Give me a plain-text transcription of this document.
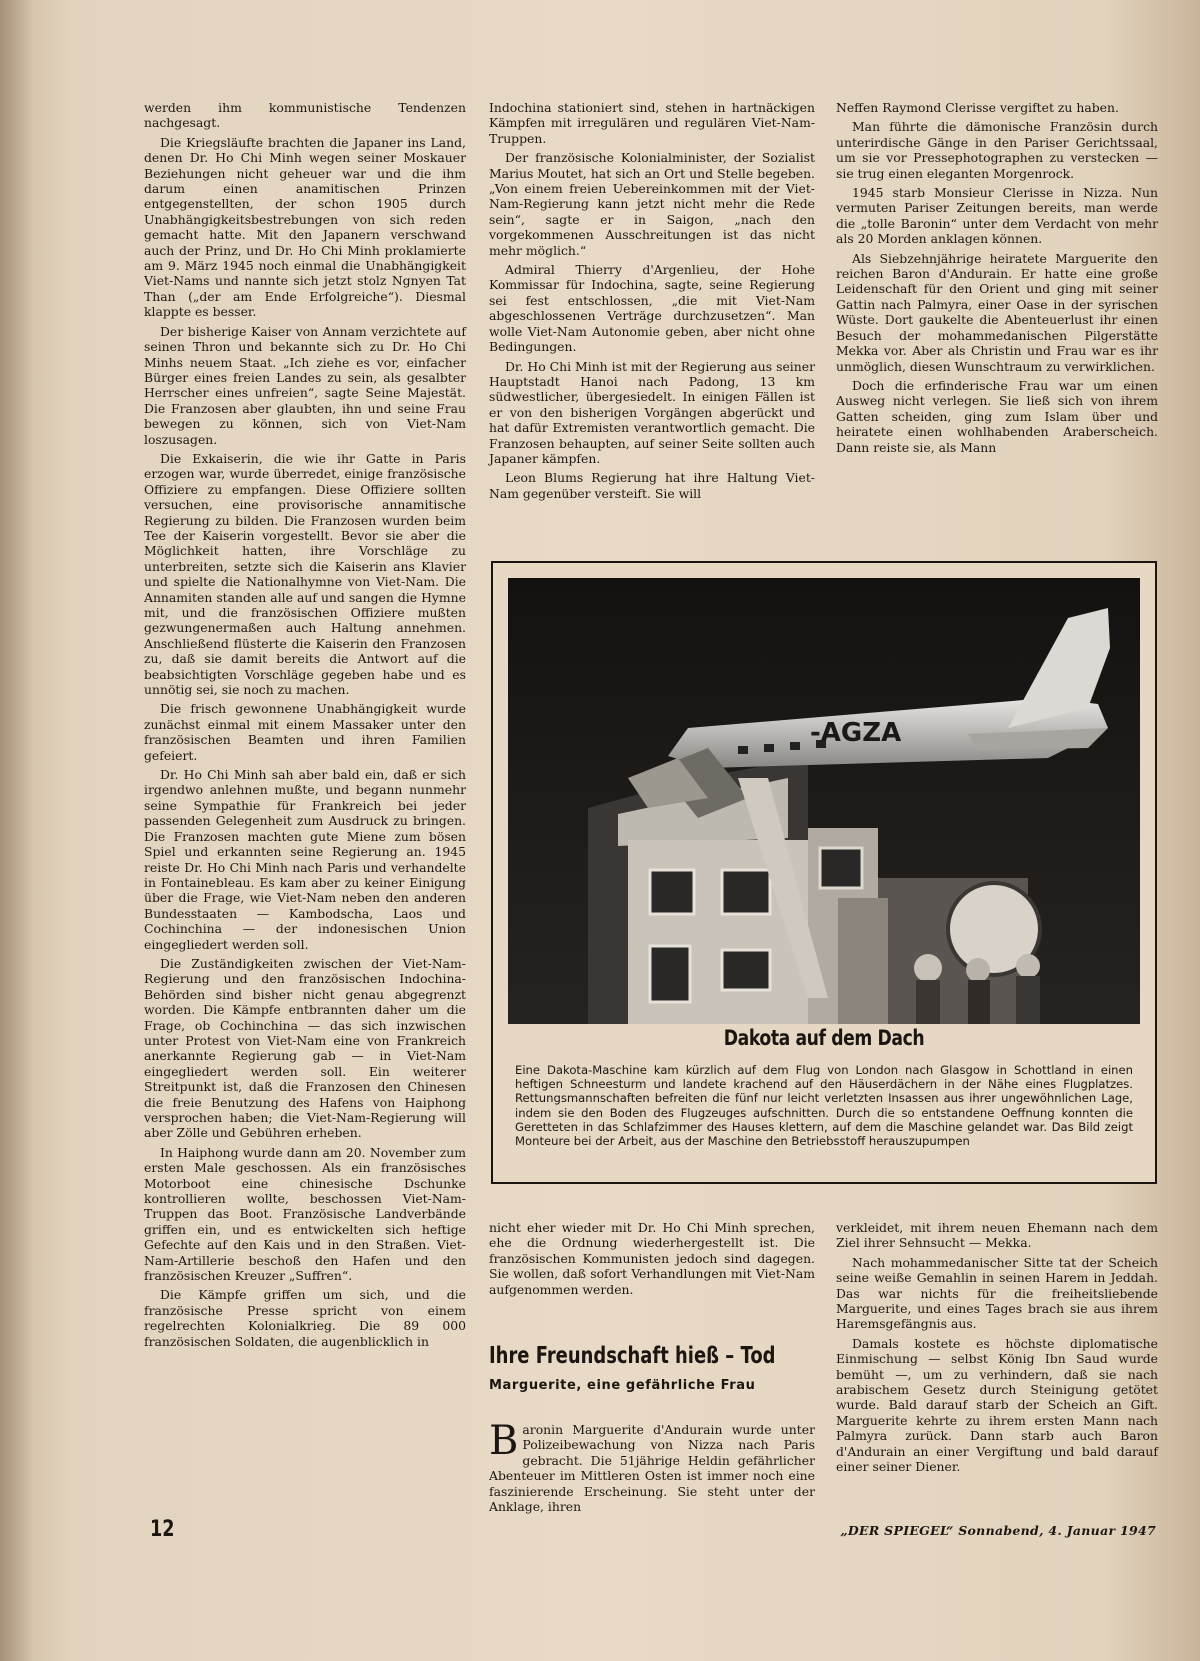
werden ihm kommunistische Tendenzen nachgesagt.

Die Kriegsläufte brachten die Japaner ins Land, denen Dr. Ho Chi Minh wegen seiner Moskauer Beziehungen nicht geheuer war und die ihm darum einen anamitischen Prinzen entgegenstellten, der schon 1905 durch Unabhängigkeitsbestrebungen von sich reden gemacht hatte. Mit den Japanern verschwand auch der Prinz, und Dr. Ho Chi Minh proklamierte am 9. März 1945 noch einmal die Unabhängigkeit Viet-Nams und nannte sich jetzt stolz Ngnyen Tat Than („der am Ende Erfolgreiche“). Diesmal klappte es besser.

Der bisherige Kaiser von Annam verzichtete auf seinen Thron und bekannte sich zu Dr. Ho Chi Minhs neuem Staat. „Ich ziehe es vor, einfacher Bürger eines freien Landes zu sein, als gesalbter Herrscher eines unfreien“, sagte Seine Majestät. Die Franzosen aber glaubten, ihn und seine Frau bewegen zu können, sich von Viet-Nam loszusagen.

Die Exkaiserin, die wie ihr Gatte in Paris erzogen war, wurde überredet, einige französische Offiziere zu empfangen. Diese Offiziere sollten versuchen, eine provisorische annamitische Regierung zu bilden. Die Franzosen wurden beim Tee der Kaiserin vorgestellt. Bevor sie aber die Möglichkeit hatten, ihre Vorschläge zu unterbreiten, setzte sich die Kaiserin ans Klavier und spielte die Nationalhymne von Viet-Nam. Die Annamiten standen alle auf und sangen die Hymne mit, und die französischen Offiziere mußten gezwungenermaßen auch Haltung annehmen. Anschließend flüsterte die Kaiserin den Franzosen zu, daß sie damit bereits die Antwort auf die beabsichtigten Vorschläge gegeben habe und es unnötig sei, sie noch zu machen.

Die frisch gewonnene Unabhängigkeit wurde zunächst einmal mit einem Massaker unter den französischen Beamten und ihren Familien gefeiert.

Dr. Ho Chi Minh sah aber bald ein, daß er sich irgendwo anlehnen mußte, und begann nunmehr seine Sympathie für Frankreich bei jeder passenden Gelegenheit zum Ausdruck zu bringen. Die Franzosen machten gute Miene zum bösen Spiel und erkannten seine Regierung an. 1945 reiste Dr. Ho Chi Minh nach Paris und verhandelte in Fontainebleau. Es kam aber zu keiner Einigung über die Frage, wie Viet-Nam neben den anderen Bundesstaaten — Kambodscha, Laos und Cochinchina — der indonesischen Union eingegliedert werden soll.

Die Zuständigkeiten zwischen der Viet-Nam-Regierung und den französischen Indochina-Behörden sind bisher nicht genau abgegrenzt worden. Die Kämpfe entbrannten daher um die Frage, ob Cochinchina — das sich inzwischen unter Protest von Viet-Nam eine von Frankreich anerkannte Regierung gab — in Viet-Nam eingegliedert werden soll. Ein weiterer Streitpunkt ist, daß die Franzosen den Chinesen die freie Benutzung des Hafens von Haiphong versprochen haben; die Viet-Nam-Regierung will aber Zölle und Gebühren erheben.

In Haiphong wurde dann am 20. November zum ersten Male geschossen. Als ein französisches Motorboot eine chinesische Dschunke kontrollieren wollte, beschossen Viet-Nam-Truppen das Boot. Französische Landverbände griffen ein, und es entwickelten sich heftige Gefechte auf den Kais und in den Straßen. Viet-Nam-Artillerie beschoß den Hafen und den französischen Kreuzer „Suffren“.

Die Kämpfe griffen um sich, und die französische Presse spricht von einem regelrechten Kolonialkrieg. Die 89 000 französischen Soldaten, die augenblicklich in

Indochina stationiert sind, stehen in hartnäckigen Kämpfen mit irregulären und regulären Viet-Nam-Truppen.

Der französische Kolonialminister, der Sozialist Marius Moutet, hat sich an Ort und Stelle begeben. „Von einem freien Uebereinkommen mit der Viet-Nam-Regierung kann jetzt nicht mehr die Rede sein“, sagte er in Saigon, „nach den vorgekommenen Ausschreitungen ist das nicht mehr möglich.“

Admiral Thierry d'Argenlieu, der Hohe Kommissar für Indochina, sagte, seine Regierung sei fest entschlossen, „die mit Viet-Nam abgeschlossenen Verträge durchzusetzen“. Man wolle Viet-Nam Autonomie geben, aber nicht ohne Bedingungen.

Dr. Ho Chi Minh ist mit der Regierung aus seiner Hauptstadt Hanoi nach Padong, 13 km südwestlicher, übergesiedelt. In einigen Fällen ist er von den bisherigen Vorgängen abgerückt und hat dafür Extremisten verantwortlich gemacht. Die Franzosen behaupten, auf seiner Seite sollten auch Japaner kämpfen.

Leon Blums Regierung hat ihre Haltung Viet-Nam gegenüber versteift. Sie will

Neffen Raymond Clerisse vergiftet zu haben.

Man führte die dämonische Französin durch unterirdische Gänge in den Pariser Gerichtssaal, um sie vor Pressephotographen zu verstecken — sie trug einen eleganten Morgenrock.

1945 starb Monsieur Clerisse in Nizza. Nun vermuten Pariser Zeitungen bereits, man werde die „tolle Baronin“ unter dem Verdacht von mehr als 20 Morden anklagen können.

Als Siebzehnjährige heiratete Marguerite den reichen Baron d'Andurain. Er hatte eine große Leidenschaft für den Orient und ging mit seiner Gattin nach Palmyra, einer Oase in der syrischen Wüste. Dort gaukelte die Abenteuerlust ihr einen Besuch der mohammedanischen Pilgerstätte Mekka vor. Aber als Christin und Frau war es ihr unmöglich, diesen Wunschtraum zu verwirklichen.

Doch die erfinderische Frau war um einen Ausweg nicht verlegen. Sie ließ sich von ihrem Gatten scheiden, ging zum Islam über und heiratete einen wohlhabenden Araberscheich. Dann reiste sie, als Mann

-AGZA
Dakota auf dem Dach
Eine Dakota-Maschine kam kürzlich auf dem Flug von London nach Glasgow in Schottland in einen heftigen Schneesturm und landete krachend auf den Häuserdächern in der Nähe eines Flugplatzes. Rettungsmannschaften befreiten die fünf nur leicht verletzten Insassen aus ihrer ungewöhnlichen Lage, indem sie den Boden des Flugzeuges aufschnitten. Durch die so entstandene Oeffnung konnten die Geretteten in das Schlafzimmer des Hauses klettern, auf dem die Maschine gelandet war. Das Bild zeigt Monteure bei der Arbeit, aus der Maschine den Betriebsstoff herauszupumpen

nicht eher wieder mit Dr. Ho Chi Minh sprechen, ehe die Ordnung wiederhergestellt ist. Die französischen Kommunisten jedoch sind dagegen. Sie wollen, daß sofort Verhandlungen mit Viet-Nam aufgenommen werden.

Ihre Freundschaft hieß – Tod
Marguerite, eine gefährliche Frau

B aronin Marguerite d'Andurain wurde unter Polizeibewachung von Nizza nach Paris gebracht. Die 51jährige Heldin gefährlicher Abenteuer im Mittleren Osten ist immer noch eine faszinierende Erscheinung. Sie steht unter der Anklage, ihren

verkleidet, mit ihrem neuen Ehemann nach dem Ziel ihrer Sehnsucht — Mekka.

Nach mohammedanischer Sitte tat der Scheich seine weiße Gemahlin in seinen Harem in Jeddah. Das war nichts für die freiheitsliebende Marguerite, und eines Tages brach sie aus ihrem Haremsgefängnis aus.

Damals kostete es höchste diplomatische Einmischung — selbst König Ibn Saud wurde bemüht —, um zu verhindern, daß sie nach arabischem Gesetz durch Steinigung getötet wurde. Bald darauf starb der Scheich an Gift. Marguerite kehrte zu ihrem ersten Mann nach Palmyra zurück. Dann starb auch Baron d'Andurain an einer Vergiftung und bald darauf einer seiner Diener.

12	„DER SPIEGEL“ Sonnabend, 4. Januar 1947
